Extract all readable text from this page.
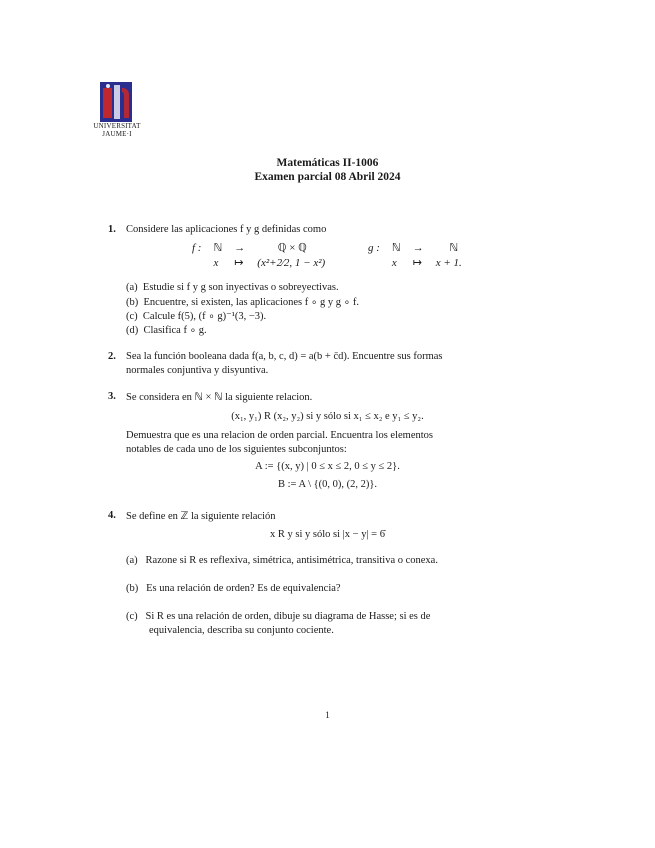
UNIVERSITAT
JAUME·I
Matemáticas II-1006
Examen parcial 08 Abril 2024
1. Considere las aplicaciones f y g definidas como
f :	ℕ	→	ℚ × ℚ
	x	↦	(x²+2⁄2, 1 − x²)
g :	ℕ	→	ℕ
	x	↦	x + 1.
(a) Estudie si f y g son inyectivas o sobreyectivas.
(b) Encuentre, si existen, las aplicaciones f ∘ g y g ∘ f.
(c) Calcule f(5), (f ∘ g)⁻¹(3, −3).
(d) Clasifica f ∘ g.
2. Sea la función booleana dada f(a, b, c, d) = a(b + c̄d). Encuentre sus formas
normales conjuntiva y disyuntiva.
3. Se considera en ℕ × ℕ la siguiente relacion.
(x₁, y₁) R (x₂, y₂) si y sólo si x₁ ≤ x₂ e y₁ ≤ y₂.
Demuestra que es una relacion de orden parcial. Encuentra los elementos
notables de cada uno de los siguientes subconjuntos:
A := {(x, y) | 0 ≤ x ≤ 2, 0 ≤ y ≤ 2}.
B := A \ {(0, 0), (2, 2)}.
4. Se define en ℤ la siguiente relación
x R y si y sólo si |x − y| = 6̇
(a) Razone si R es reflexiva, simétrica, antisimétrica, transitiva o conexa.
(b) Es una relación de orden? Es de equivalencia?
(c) Si R es una relación de orden, dibuje su diagrama de Hasse; si es de
equivalencia, describa su conjunto cociente.
1
